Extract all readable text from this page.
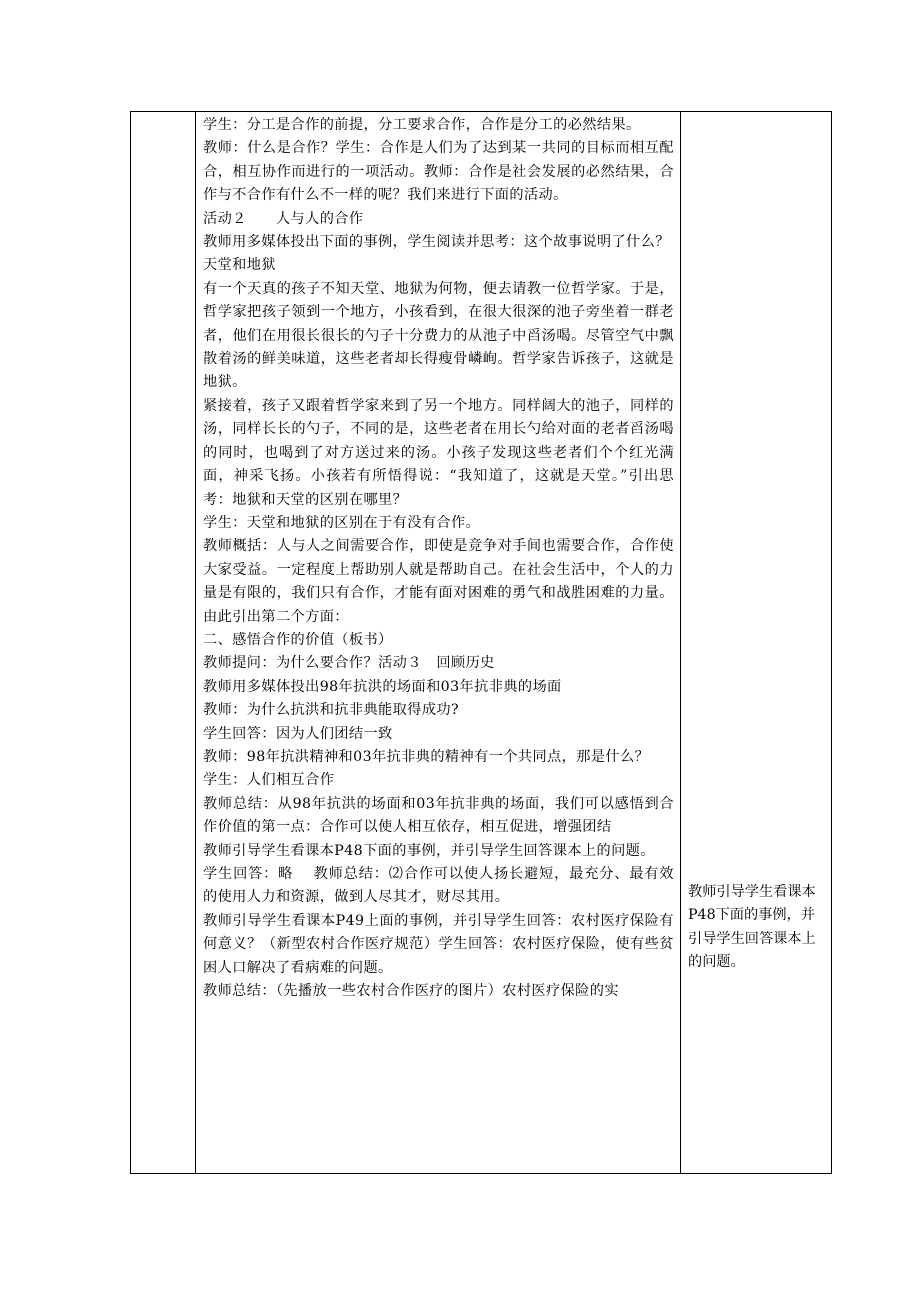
学生：分工是合作的前提，分工要求合作，合作是分工的必然结果。

教师：什么是合作？学生：合作是人们为了达到某一共同的目标而相互配合，相互协作而进行的一项活动。教师：合作是社会发展的必然结果，合作与不合作有什么不一样的呢？我们来进行下面的活动。

活动２　　人与人的合作

教师用多媒体投出下面的事例，学生阅读并思考：这个故事说明了什么？

天堂和地狱

有一个天真的孩子不知天堂、地狱为何物，便去请教一位哲学家。于是，哲学家把孩子领到一个地方，小孩看到，在很大很深的池子旁坐着一群老者，他们在用很长很长的勺子十分费力的从池子中舀汤喝。尽管空气中飘散着汤的鲜美味道，这些老者却长得瘦骨嶙峋。哲学家告诉孩子，这就是地狱。

紧接着，孩子又跟着哲学家来到了另一个地方。同样阔大的池子，同样的汤，同样长长的勺子，不同的是，这些老者在用长勺给对面的老者舀汤喝的同时，也喝到了对方送过来的汤。小孩子发现这些老者们个个红光满面，神采飞扬。小孩若有所悟得说：“我知道了，这就是天堂。”引出思考：地狱和天堂的区别在哪里？

学生：天堂和地狱的区别在于有没有合作。

教师概括：人与人之间需要合作，即使是竞争对手间也需要合作，合作使大家受益。一定程度上帮助别人就是帮助自己。在社会生活中，个人的力量是有限的，我们只有合作，才能有面对困难的勇气和战胜困难的力量。由此引出第二个方面：

二、感悟合作的价值（板书）

教师提问：为什么要合作？活动３　回顾历史

教师用多媒体投出98年抗洪的场面和03年抗非典的场面

教师：为什么抗洪和抗非典能取得成功?

学生回答：因为人们团结一致

教师：98年抗洪精神和03年抗非典的精神有一个共同点，那是什么？

学生：人们相互合作

教师总结：从98年抗洪的场面和03年抗非典的场面，我们可以感悟到合作价值的第一点：合作可以使人相互依存，相互促进，增强团结

教师引导学生看课本P48下面的事例，并引导学生回答课本上的问题。

学生回答：略　 教师总结：⑵合作可以使人扬长避短，最充分、最有效的使用人力和资源，做到人尽其才，财尽其用。

教师引导学生看课本P49上面的事例，并引导学生回答：农村医疗保险有何意义？（新型农村合作医疗规范）学生回答：农村医疗保险，使有些贫困人口解决了看病难的问题。

教师总结：（先播放一些农村合作医疗的图片）农村医疗保险的实

教师引导学生看课本P48下面的事例，并引导学生回答课本上的问题。
